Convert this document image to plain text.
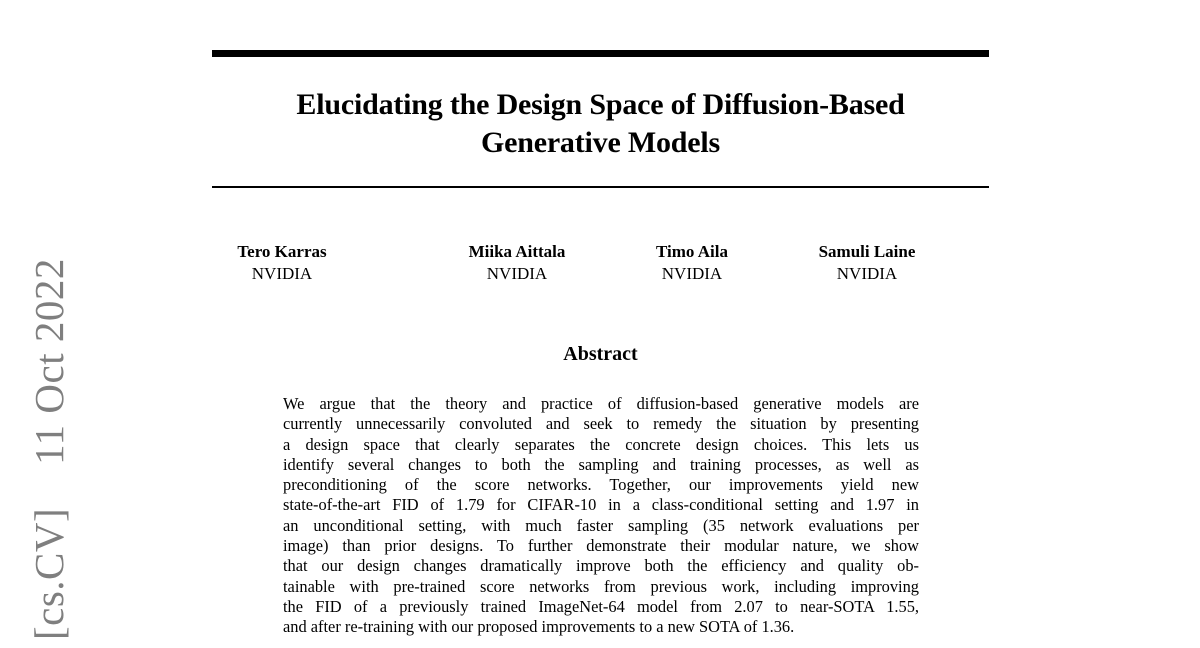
Elucidating the Design Space of Diffusion-Based
Generative Models
Tero Karras
NVIDIA
Miika Aittala
NVIDIA
Timo Aila
NVIDIA
Samuli Laine
NVIDIA
Abstract
We argue that the theory and practice of diffusion-based generative models are
currently unnecessarily convoluted and seek to remedy the situation by presenting
a design space that clearly separates the concrete design choices. This lets us
identify several changes to both the sampling and training processes, as well as
preconditioning of the score networks. Together, our improvements yield new
state-of-the-art FID of 1.79 for CIFAR-10 in a class-conditional setting and 1.97 in
an unconditional setting, with much faster sampling (35 network evaluations per
image) than prior designs. To further demonstrate their modular nature, we show
that our design changes dramatically improve both the efficiency and quality ob-
tainable with pre-trained score networks from previous work, including improving
the FID of a previously trained ImageNet-64 model from 2.07 to near-SOTA 1.55,
and after re-training with our proposed improvements to a new SOTA of 1.36.
[cs.CV]    11 Oct 2022
